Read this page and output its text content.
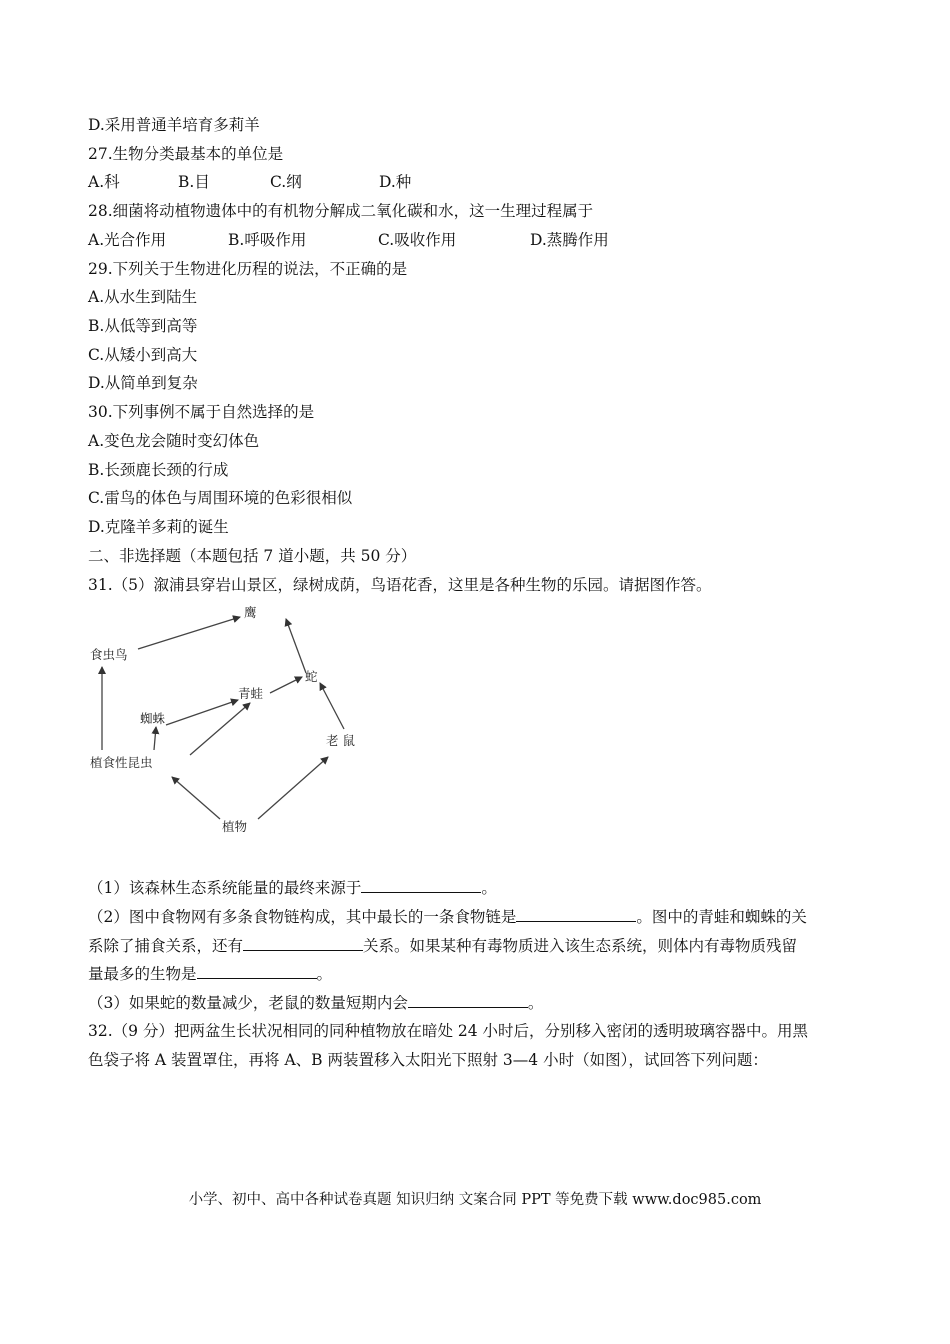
D.采用普通羊培育多莉羊
27.生物分类最基本的单位是
A.科	B.目	C.纲	D.种
28.细菌将动植物遗体中的有机物分解成二氧化碳和水，这一生理过程属于
A.光合作用	B.呼吸作用	C.吸收作用	D.蒸腾作用
29.下列关于生物进化历程的说法，不正确的是
A.从水生到陆生
B.从低等到高等
C.从矮小到高大
D.从简单到复杂
30.下列事例不属于自然选择的是
A.变色龙会随时变幻体色
B.长颈鹿长颈的行成
C.雷鸟的体色与周围环境的色彩很相似
D.克隆羊多莉的诞生
二、非选择题（本题包括 7 道小题，共 50 分）
31.（5）溆浦县穿岩山景区，绿树成荫，鸟语花香，这里是各种生物的乐园。请据图作答。
鹰
食虫鸟
蛇
青蛙
蜘蛛
老 鼠
植食性昆虫
植物
（1）该森林生态系统能量的最终来源于	。
（2）图中食物网有多条食物链构成，其中最长的一条食物链是	。图中的青蛙和蜘蛛的关
系除了捕食关系，还有	关系。如果某种有毒物质进入该生态系统，则体内有毒物质残留
量最多的生物是	。
（3）如果蛇的数量减少，老鼠的数量短期内会	。
32.（9 分）把两盆生长状况相同的同种植物放在暗处 24 小时后，分别移入密闭的透明玻璃容器中。用黑
色袋子将 A 装置罩住，再将 A、B 两装置移入太阳光下照射 3—4 小时（如图），试回答下列问题：
小学、初中、高中各种试卷真题 知识归纳 文案合同 PPT 等免费下载 www.doc985.com
